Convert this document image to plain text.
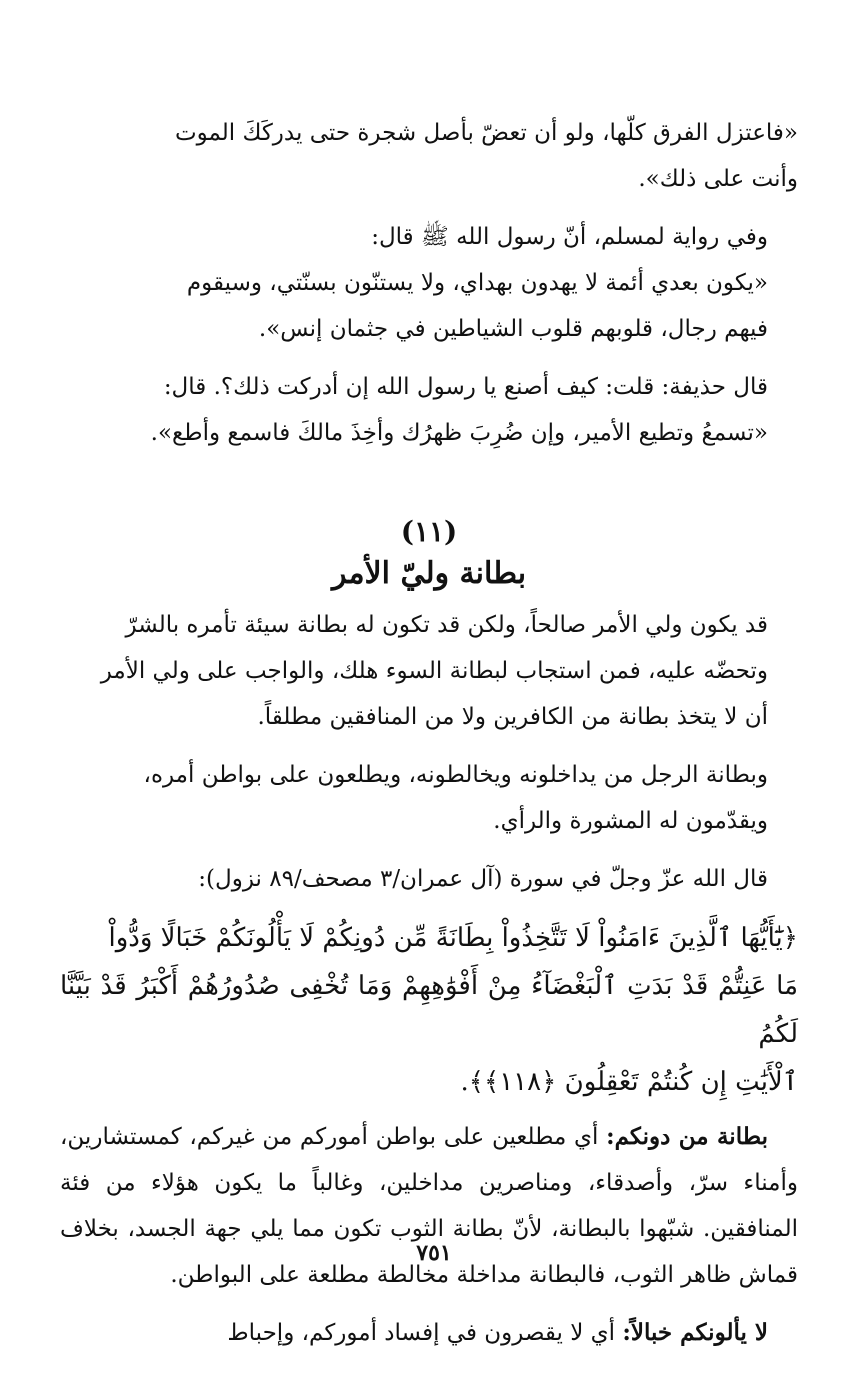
«فاعتزل الفرق كلّها، ولو أن تعضّ بأصل شجرة حتى يدركَكَ الموت

وأنت على ذلك».

وفي رواية لمسلم، أنّ رسول الله ﷺ قال:

«يكون بعدي أئمة لا يهدون بهداي، ولا يستنّون بسنّتي، وسيقوم

فيهم رجال، قلوبهم قلوب الشياطين في جثمان إنس».

قال حذيفة: قلت: كيف أصنع يا رسول الله إن أدركت ذلك؟. قال:

«تسمعُ وتطيع الأمير، وإن ضُرِبَ ظهرُك وأخِذَ مالكَ فاسمع وأطع».

(١١)
بطانة وليّ الأمر

قد يكون ولي الأمر صالحاً، ولكن قد تكون له بطانة سيئة تأمره بالشرّ

وتحضّه عليه، فمن استجاب لبطانة السوء هلك، والواجب على ولي الأمر

أن لا يتخذ بطانة من الكافرين ولا من المنافقين مطلقاً.

وبطانة الرجل من يداخلونه ويخالطونه، ويطلعون على بواطن أمره،

ويقدّمون له المشورة والرأي.

قال الله عزّ وجلّ في سورة (آل عمران/٣ مصحف/٨٩ نزول):

﴿يَٰٓأَيُّهَا ٱلَّذِينَ ءَامَنُواْ لَا تَتَّخِذُواْ بِطَانَةً مِّن دُونِكُمْ لَا يَأْلُونَكُمْ خَبَالًا وَدُّواْ

مَا عَنِتُّمْ قَدْ بَدَتِ ٱلْبَغْضَآءُ مِنْ أَفْوَٰهِهِمْ وَمَا تُخْفِى صُدُورُهُمْ أَكْبَرُ قَدْ بَيَّنَّا لَكُمُ

ٱلْأَيَٰتِ إِن كُنتُمْ تَعْقِلُونَ ﴿١١٨﴾﴾.

بطانة من دونكم: أي مطلعين على بواطن أموركم من غيركم، كمستشارين، وأمناء سرّ، وأصدقاء، ومناصرين مداخلين، وغالباً ما يكون هؤلاء من فئة المنافقين. شبّهوا بالبطانة، لأنّ بطانة الثوب تكون مما يلي جهة الجسد، بخلاف قماش ظاهر الثوب، فالبطانة مداخلة مخالطة مطلعة على البواطن.
لا يألونكم خبالاً: أي لا يقصرون في إفساد أموركم، وإحباط
٧٥١
